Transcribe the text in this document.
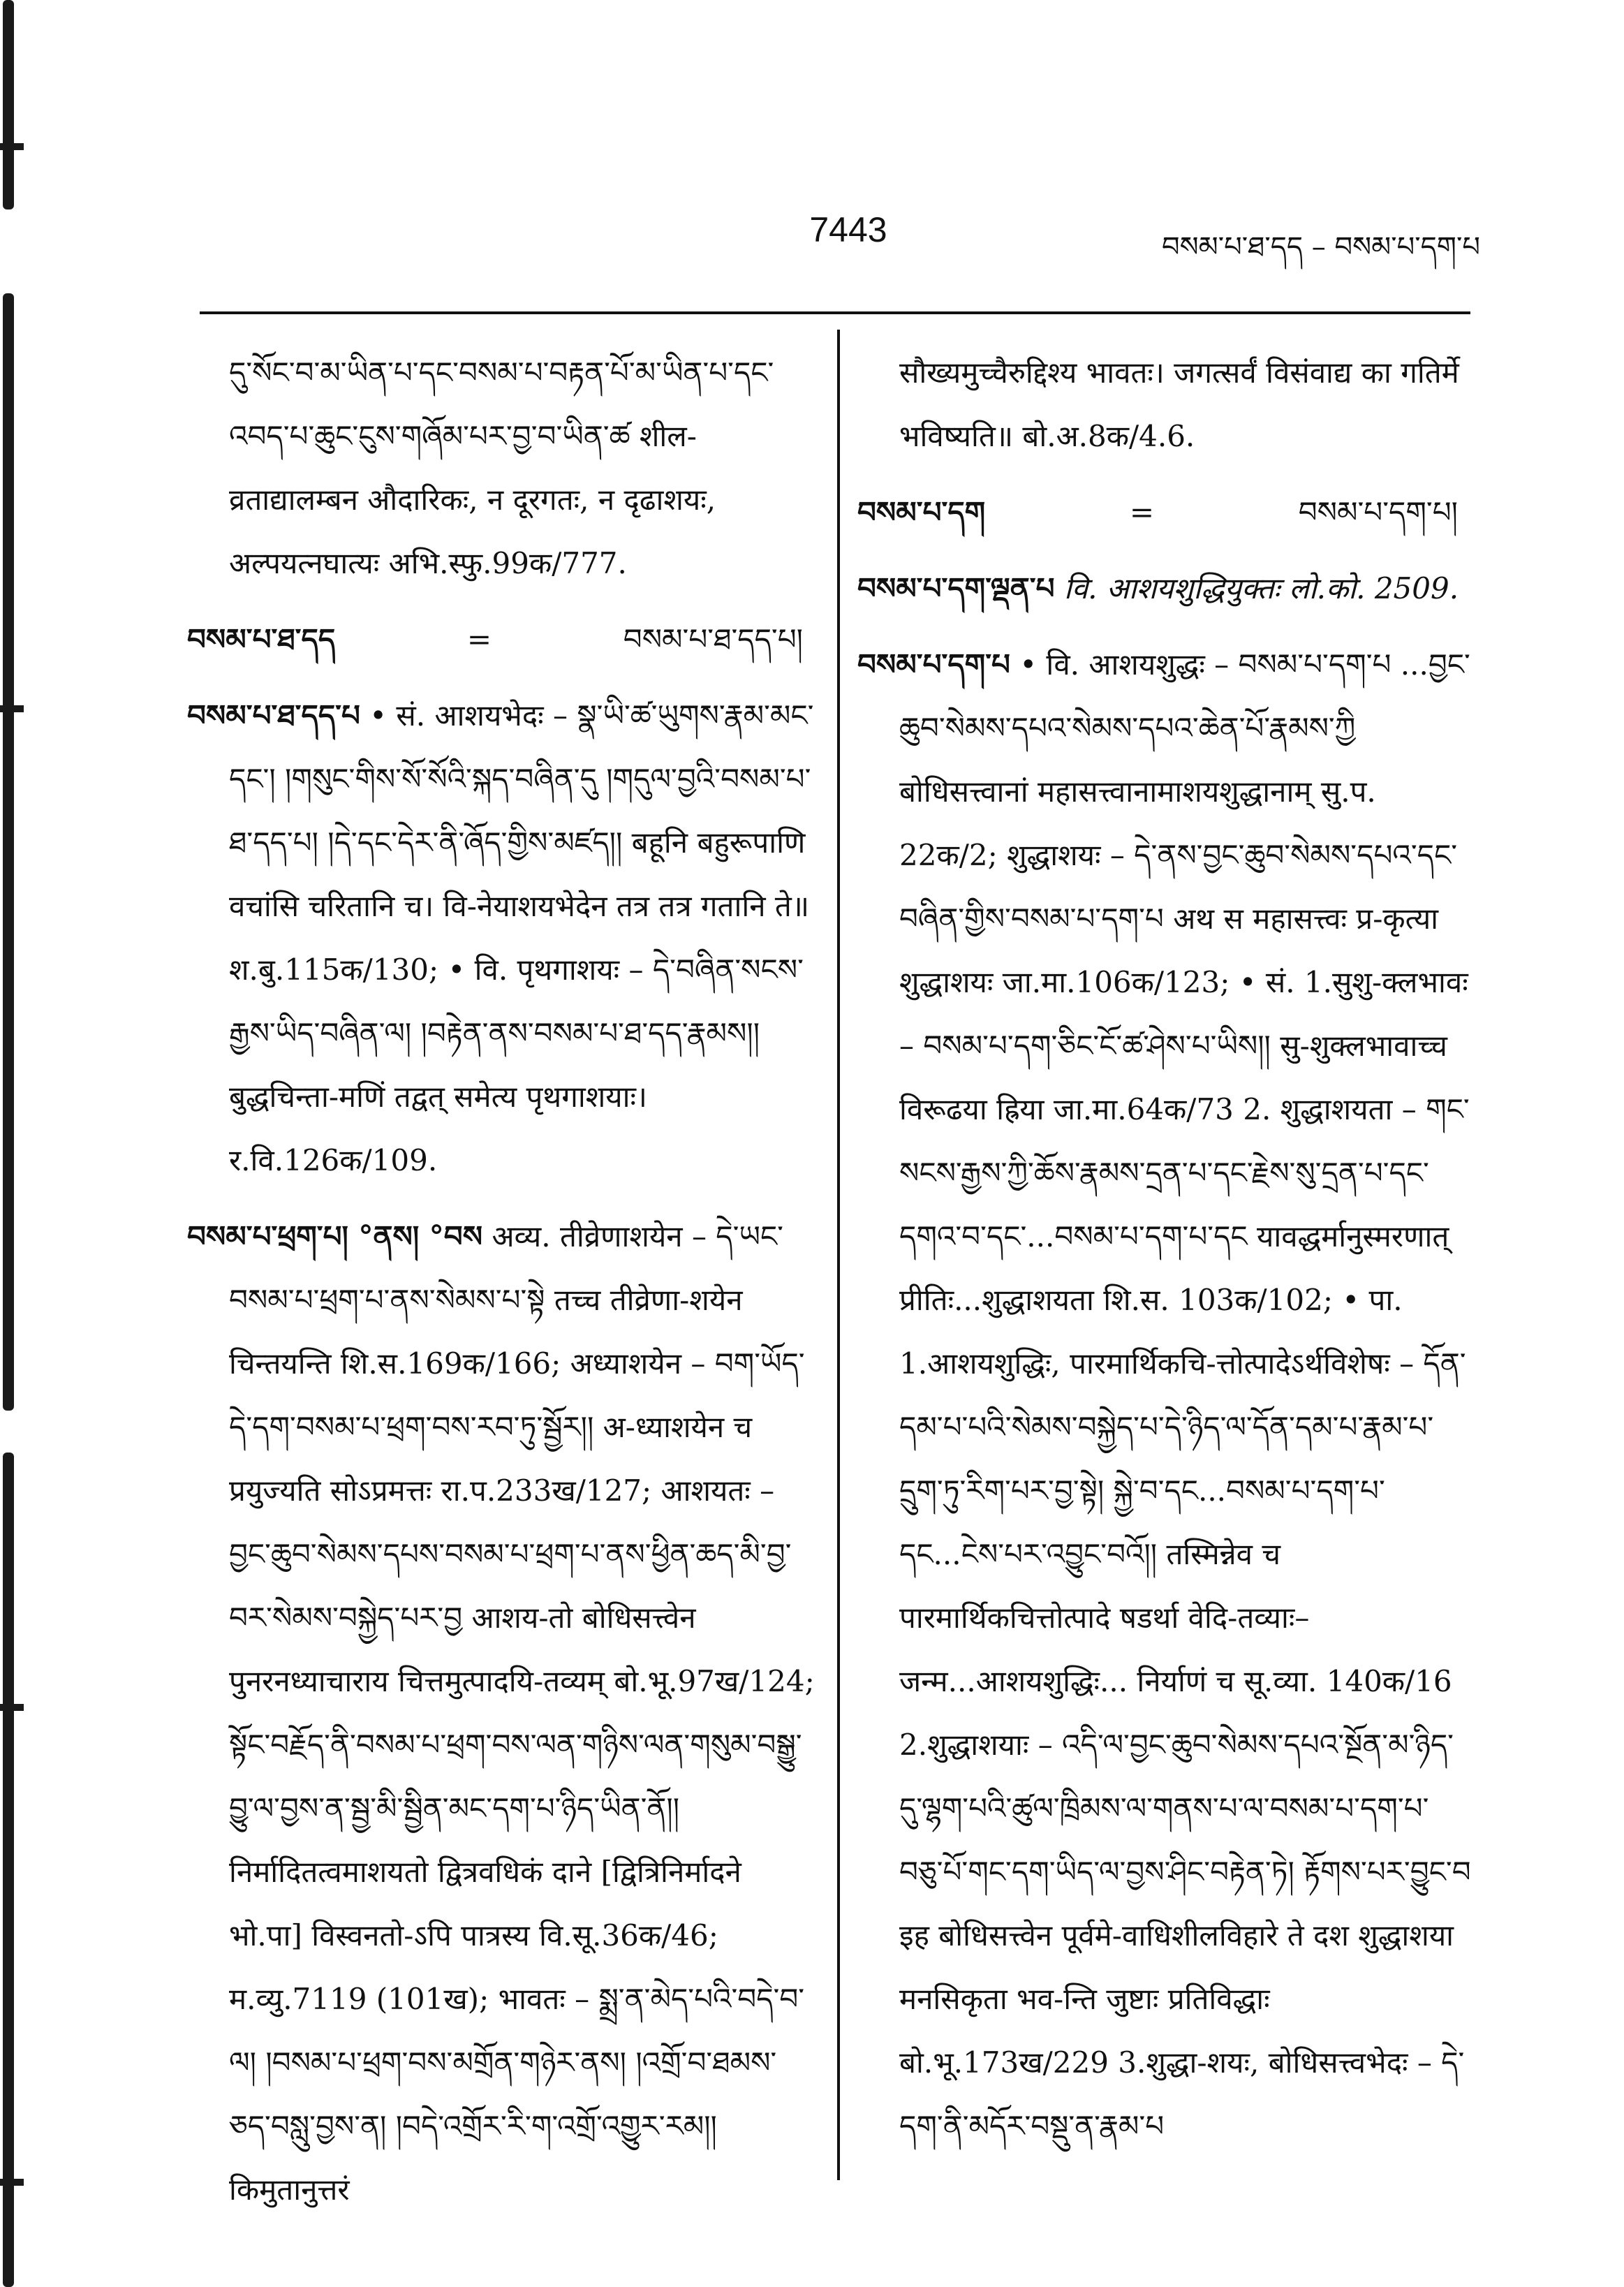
7443	བསམ་པ་ཐ་དད – བསམ་པ་དག་པ

དུ་སོང་བ་མ་ཡིན་པ་དང་བསམ་པ་བརྟན་པོ་མ་ཡིན་པ་དང་འབད་པ་ཆུང་ངུས་གཞོམ་པར་བྱ་བ་ཡིན་ཚ शील-व्रताद्यालम्बन औदारिकः, न दूरगतः, न दृढाशयः, अल्पयत्नघात्यः अभि.स्फु.99क/777.

བསམ་པ་ཐ་དད	=	བསམ་པ་ཐ་དད་པ།

བསམ་པ་ཐ་དད་པ • सं. आशयभेदः – སྣ་ཡི་ཚ་ཡུགས་རྣམ་མང་དང་། །གསུང་གིས་སོ་སོའི་སྐད་བཞིན་དུ །གདུལ་བྱའི་བསམ་པ་ཐ་དད་པ། །དེ་དང་དེར་ནི་ཞོད་གྱིས་མཛད།། बहूनि बहुरूपाणि वचांसि चरितानि च। वि-नेयाशयभेदेन तत्र तत्र गतानि ते॥ श.बु.115क/130; • वि. पृथगाशयः – དེ་བཞིན་སངས་རྒྱས་ཡིད་བཞིན་ལ། །བརྟེན་ནས་བསམ་པ་ཐ་དད་རྣམས།། बुद्धचिन्ता-मणिं तद्वत् समेत्य पृथगाशयाः। र.वि.126क/109.

བསམ་པ་ཕྲག་པ། °ནས། °བས अव्य. तीव्रेणाशयेन – དེ་ཡང་བསམ་པ་ཕྲག་པ་ནས་སེམས་པ་སྟེ तच्च तीव्रेणा-शयेन चिन्तयन्ति शि.स.169क/166; अध्याशयेन – བག་ཡོད་དེ་དག་བསམ་པ་ཕྲག་བས་རབ་ཏུ་སྦྱོར།། अ-ध्याशयेन च प्रयुज्यति सोऽप्रमत्तः रा.प.233ख/127; आशयतः – བྱང་ཆུབ་སེམས་དཔས་བསམ་པ་ཕྲག་པ་ནས་ཕྱིན་ཆད་མི་བྱ་བར་སེམས་བསྐྱེད་པར་བྱ आशय-तो बोधिसत्त्वेन पुनरनध्याचाराय चित्तमुत्पादयि-तव्यम् बो.भू.97ख/124; སྟོང་བརྗོད་ནི་བསམ་པ་ཕྲག་བས་ལན་གཉིས་ལན་གསུམ་བསྒྱུ་བྱུ་ལ་བྱས་ན་སྦྱ་མི་སྦྱིན་མང་དག་པ་ཉིད་ཡིན་ནོ།། निर्मादितत्वमाशयतो द्वित्रवधिकं दाने [द्वित्रिनिर्मादने भो.पा] विस्वनतो-ऽपि पात्रस्य वि.सू.36क/46; म.व्यु.7119 (101ख); भावतः – སྨྲ་ན་མེད་པའི་བདེ་བ་ལ། །བསམ་པ་ཕྲག་བས་མགྲོན་གཉེར་ནས། །འགྲོ་བ་ཐམས་ཅད་བསླུ་བྱས་ན། །བདེ་འགྲོར་རི་ག་འགྲོ་འགྱུར་རམ།། किमुतानुत्तरं

सौख्यमुच्चैरुद्दिश्य भावतः। जगत्सर्वं विसंवाद्य का गतिर्मे भविष्यति॥ बो.अ.8क/4.6.

བསམ་པ་དག	=	བསམ་པ་དག་པ།

བསམ་པ་དག་ལྡན་པ वि. आशयशुद्धियुक्तः लो.को. 2509.

བསམ་པ་དག་པ • वि. आशयशुद्धः – བསམ་པ་དག་པ ...བྱང་ཆུབ་སེམས་དཔའ་སེམས་དཔའ་ཆེན་པོ་རྣམས་ཀྱི बोधिसत्त्वानां महासत्त्वानामाशयशुद्धानाम् सु.प. 22क/2; शुद्धाशयः – དེ་ནས་བྱང་ཆུབ་སེམས་དཔའ་དང་བཞིན་གྱིས་བསམ་པ་དག་པ अथ स महासत्त्वः प्र-कृत्या शुद्धाशयः जा.मा.106क/123; • सं. 1.सुशु-क्लभावः – བསམ་པ་དག་ཅིང་ངོ་ཚ་ཤེས་པ་ཡིས།། सु-शुक्लभावाच्च विरूढया ह्रिया जा.मा.64क/73 2. शुद्धाशयता – གང་སངས་རྒྱས་ཀྱི་ཆོས་རྣམས་དྲན་པ་དང་རྗེས་སུ་དྲན་པ་དང་དགའ་བ་དང་...བསམ་པ་དག་པ་དང यावद्धर्मानुस्मरणात् प्रीतिः...शुद्धाशयता शि.स. 103क/102; • पा. 1.आशयशुद्धिः, पारमार्थिकचि-त्तोत्पादेऽर्थविशेषः – དོན་དམ་པ་པའི་སེམས་བསྐྱེད་པ་དེ་ཉིད་ལ་དོན་དམ་པ་རྣམ་པ་དྲུག་ཏུ་རིག་པར་བྱ་སྟེ། སྐྱེ་བ་དང...བསམ་པ་དག་པ་དང...ངེས་པར་འབྱུང་བའོ།། तस्मिन्नेव च पारमार्थिकचित्तोत्पादे षडर्था वेदि-तव्याः–जन्म...आशयशुद्धिः... निर्याणं च सू.व्या. 140क/16 2.शुद्धाशयाः – འདི་ལ་བྱང་ཆུབ་སེམས་དཔའ་སྔོན་མ་ཉིད་དུ་ལྷག་པའི་ཚུལ་ཁྲིམས་ལ་གནས་པ་ལ་བསམ་པ་དག་པ་བཅུ་པོ་གང་དག་ཡིད་ལ་བྱས་ཤིང་བརྟེན་ཏེ། རྟོགས་པར་བྱུང་བ इह बोधिसत्त्वेन पूर्वमे-वाधिशीलविहारे ते दश शुद्धाशया मनसिकृता भव-न्ति जुष्टाः प्रतिविद्धाः बो.भू.173ख/229 3.शुद्धा-शयः, बोधिसत्त्वभेदः – དེ་དག་ནི་མདོར་བསྡུ་ན་རྣམ་པ
